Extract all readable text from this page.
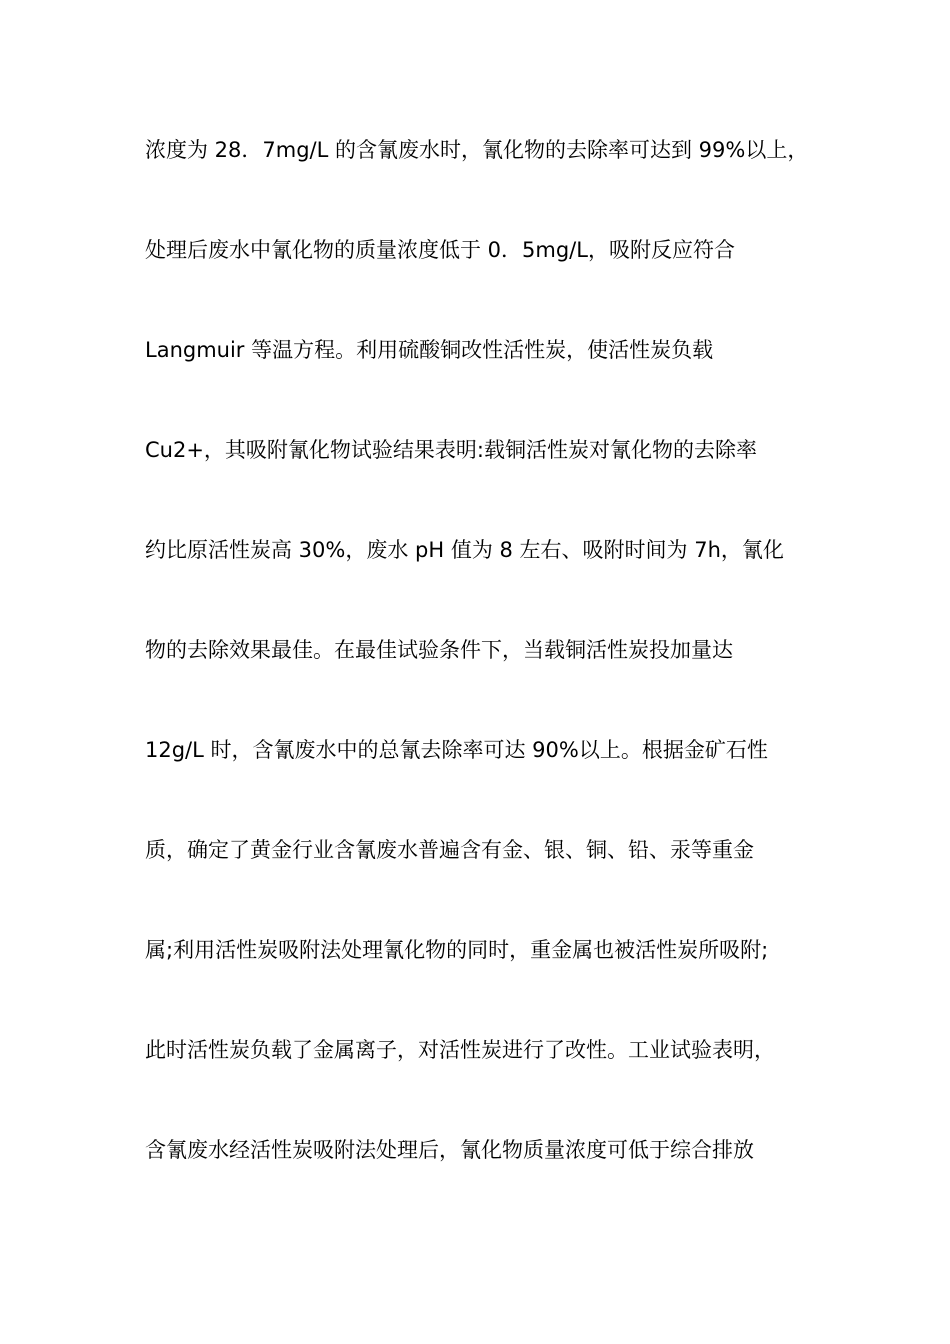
浓度为 28．7mg/L 的含氰废水时，氰化物的去除率可达到 99%以上，
处理后废水中氰化物的质量浓度低于 0．5mg/L，吸附反应符合
Langmuir 等温方程。利用硫酸铜改性活性炭，使活性炭负载
Cu2+，其吸附氰化物试验结果表明:载铜活性炭对氰化物的去除率
约比原活性炭高 30%，废水 pH 值为 8 左右、吸附时间为 7h，氰化
物的去除效果最佳。在最佳试验条件下，当载铜活性炭投加量达
12g/L 时，含氰废水中的总氰去除率可达 90%以上。根据金矿石性
质，确定了黄金行业含氰废水普遍含有金、银、铜、铅、汞等重金
属;利用活性炭吸附法处理氰化物的同时，重金属也被活性炭所吸附;
此时活性炭负载了金属离子，对活性炭进行了改性。工业试验表明，
含氰废水经活性炭吸附法处理后，氰化物质量浓度可低于综合排放
